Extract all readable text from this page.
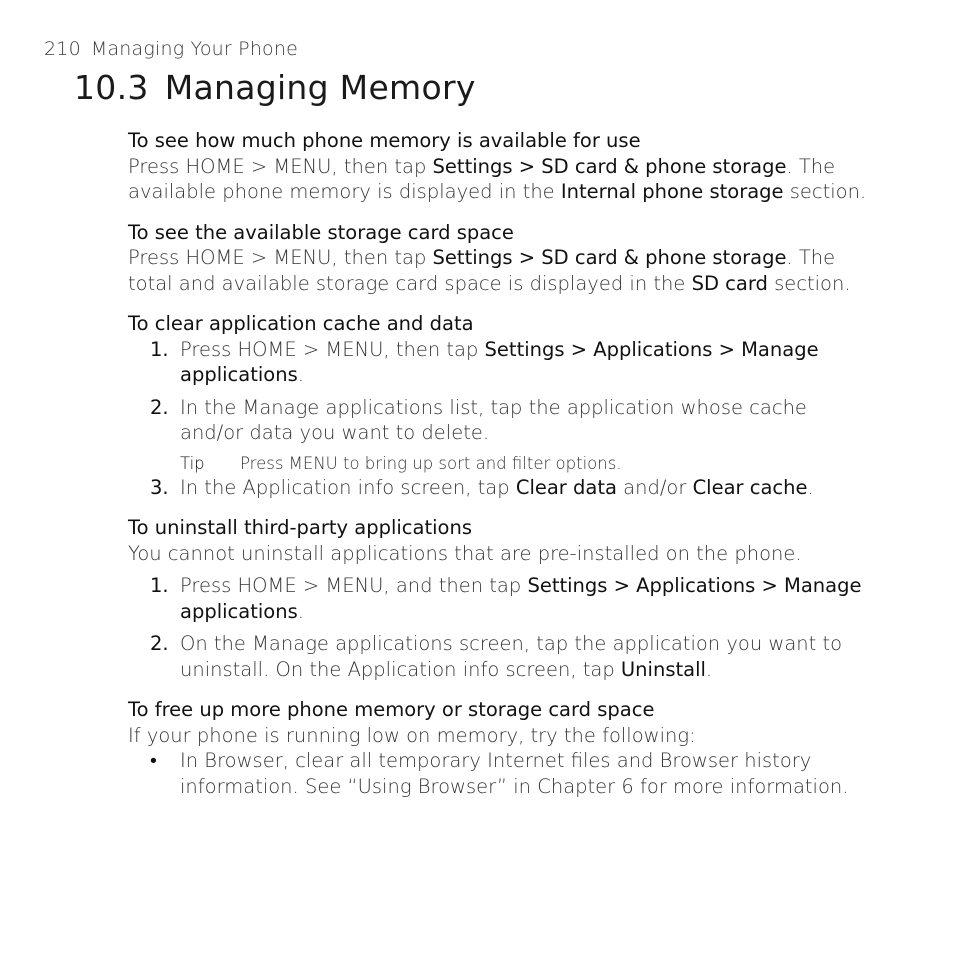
210 Managing Your Phone
10.3 Managing Memory
To see how much phone memory is available for use

Press HOME > MENU, then tap Settings > SD card & phone storage. The available phone memory is displayed in the Internal phone storage section.

To see the available storage card space

Press HOME > MENU, then tap Settings > SD card & phone storage. The total and available storage card space is displayed in the SD card section.

To clear application cache and data
1. Press HOME > MENU, then tap Settings > Applications > Manage applications.
2. In the Manage applications list, tap the application whose cache and/or data you want to delete.

Tip Press MENU to bring up sort and filter options.

3. In the Application info screen, tap Clear data and/or Clear cache.
To uninstall third-party applications

You cannot uninstall applications that are pre-installed on the phone.

1. Press HOME > MENU, and then tap Settings > Applications > Manage applications.
2. On the Manage applications screen, tap the application you want to uninstall. On the Application info screen, tap Uninstall.
To free up more phone memory or storage card space

If your phone is running low on memory, try the following:

• In Browser, clear all temporary Internet files and Browser history information. See “Using Browser” in Chapter 6 for more information.
